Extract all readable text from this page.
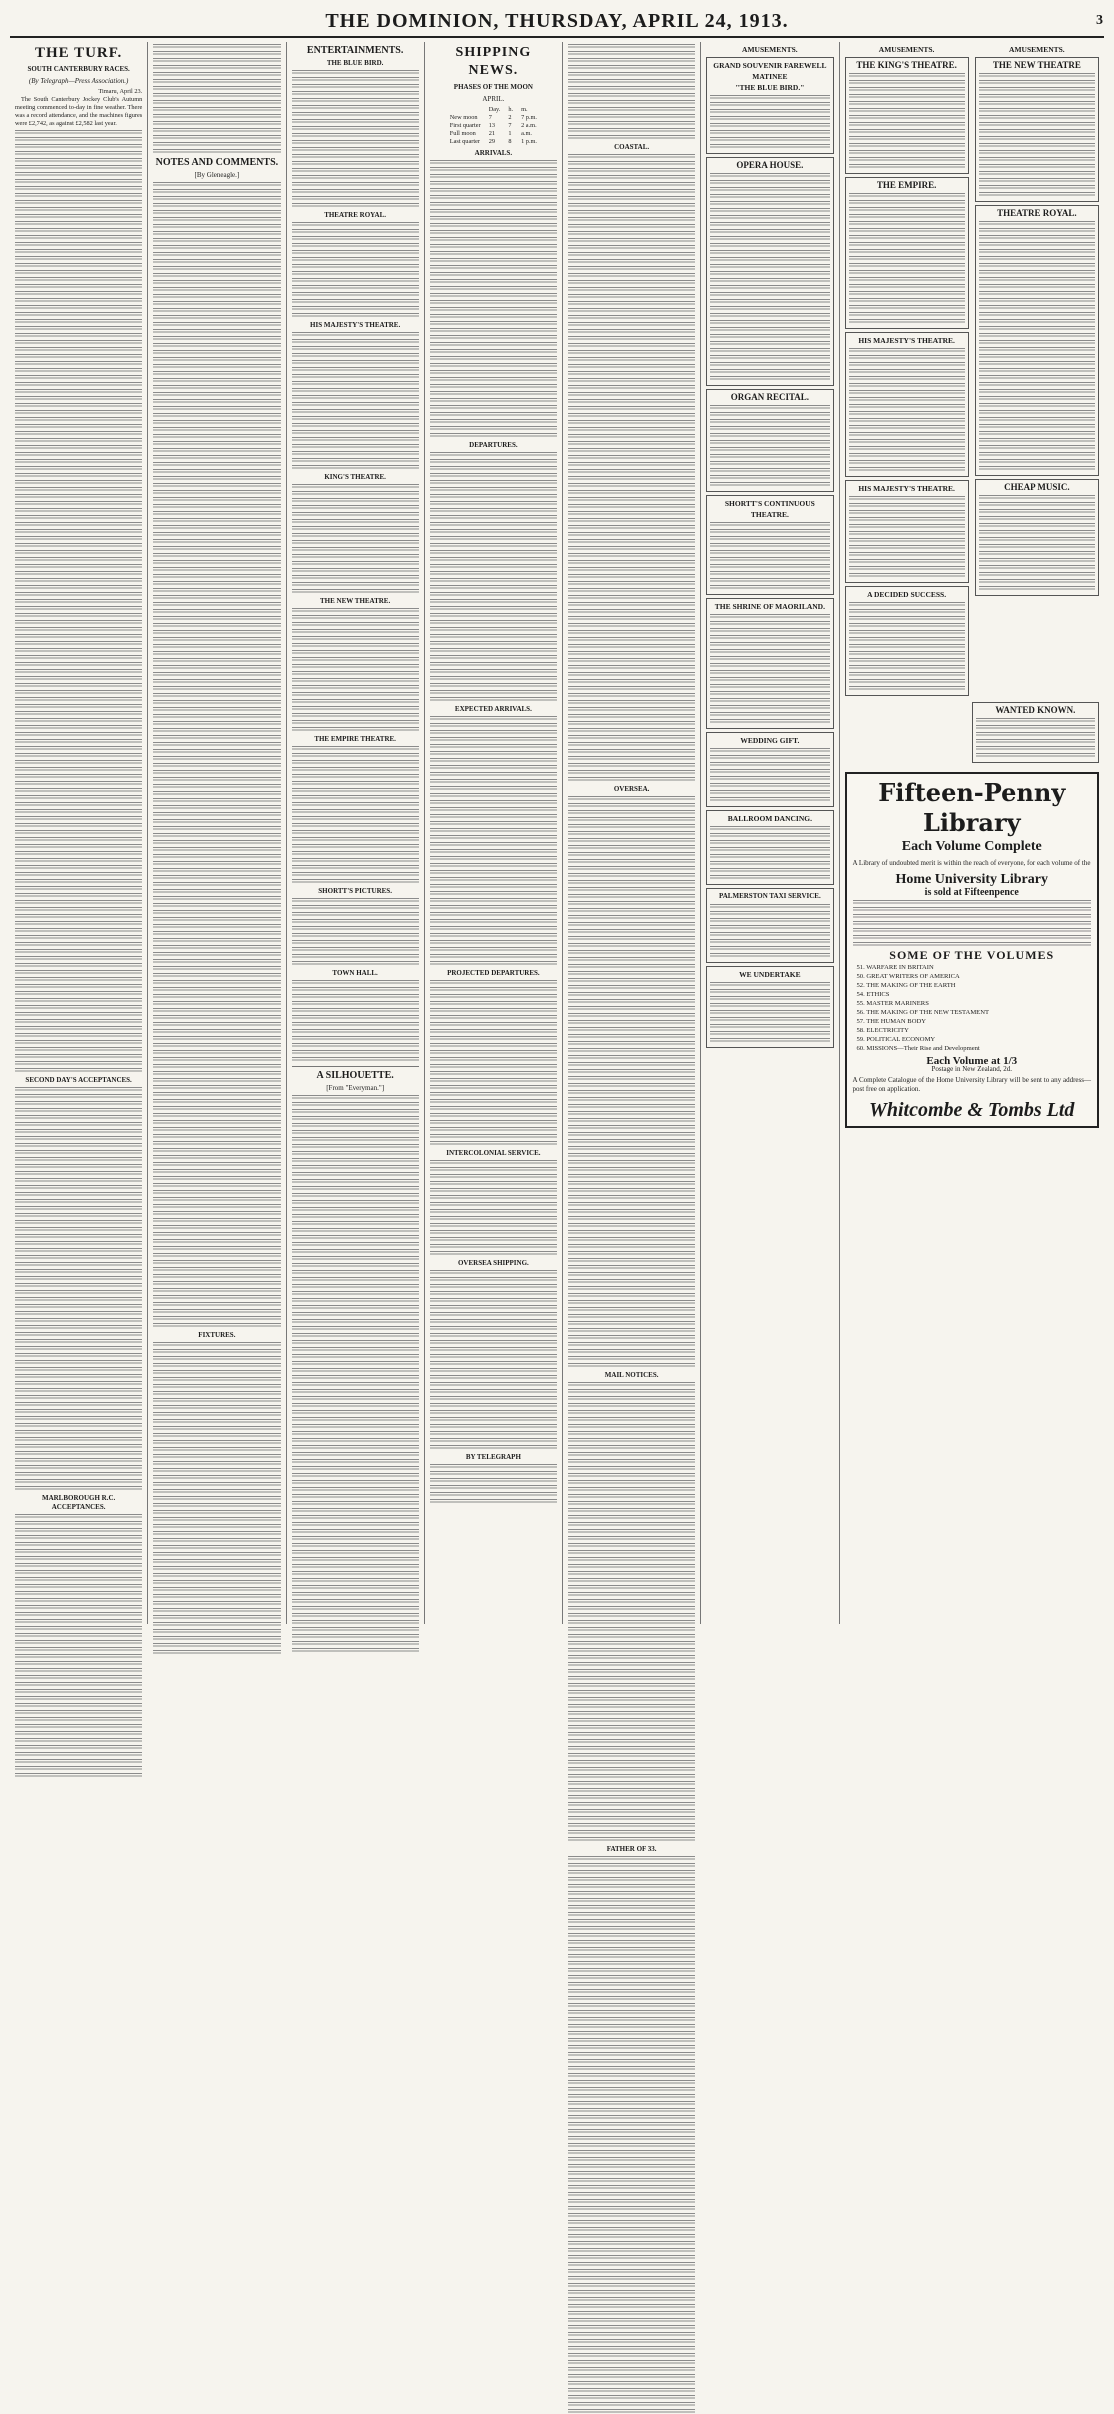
THE DOMINION, THURSDAY, APRIL 24, 1913.	3
THE TURF.
SOUTH CANTERBURY RACES.
(By Telegraph—Press Association.)
Timaru, April 23.

The South Canterbury Jockey Club's Autumn meeting commenced to-day in fine weather. There was a record attendance, and the machines figures were £2,742, as against £2,582 last year.

SECOND DAY'S ACCEPTANCES.
MARLBOROUGH R.C. ACCEPTANCES.
NOTES AND COMMENTS.
[By Gleneagle.]
FIXTURES.
ENTERTAINMENTS.
THE BLUE BIRD.
THEATRE ROYAL.
HIS MAJESTY'S THEATRE.
KING'S THEATRE.
THE NEW THEATRE.
THE EMPIRE THEATRE.
SHORTT'S PICTURES.
TOWN HALL.
A SILHOUETTE.
[From "Everyman."]
SHIPPING NEWS.
PHASES OF THE MOON
APRIL.
	Day.	h.	m.
New moon	7	2	7 p.m.
First quarter	13	7	2 a.m.
Full moon	21	1	a.m.
Last quarter	29	8	1 p.m.
ARRIVALS.
DEPARTURES.
EXPECTED ARRIVALS.
PROJECTED DEPARTURES.
INTERCOLONIAL SERVICE.
OVERSEA SHIPPING.
BY TELEGRAPH
COASTAL.
OVERSEA.
MAIL NOTICES.
FATHER OF 33.
AMUSEMENTS.
GRAND SOUVENIR FAREWELL MATINEE
"THE BLUE BIRD."
OPERA HOUSE.
ORGAN RECITAL.
SHORTT'S CONTINUOUS THEATRE.
THE SHRINE OF MAORILAND.
WEDDING GIFT.
BALLROOM DANCING.
PALMERSTON TAXI SERVICE.
WE UNDERTAKE
AMUSEMENTS.
THE KING'S THEATRE.
THE EMPIRE.
HIS MAJESTY'S THEATRE.
HIS MAJESTY'S THEATRE.
A DECIDED SUCCESS.
AMUSEMENTS.
THE NEW THEATRE
THEATRE ROYAL.
CHEAP MUSIC.
WANTED KNOWN.
Fifteen-Penny Library
Each Volume Complete
A Library of undoubted merit is within the reach of everyone, for each volume of the
Home University Library
is sold at Fifteenpence
SOME OF THE VOLUMES
51. WARFARE IN BRITAIN
50. GREAT WRITERS OF AMERICA
52. THE MAKING OF THE EARTH
54. ETHICS
55. MASTER MARINERS
56. THE MAKING OF THE NEW TESTAMENT
57. THE HUMAN BODY
58. ELECTRICITY
59. POLITICAL ECONOMY
60. MISSIONS—Their Rise and Development
Each Volume at 1/3
Postage in New Zealand, 2d.
A Complete Catalogue of the Home University Library will be sent to any address—post free on application.
Whitcombe & Tombs Ltd
